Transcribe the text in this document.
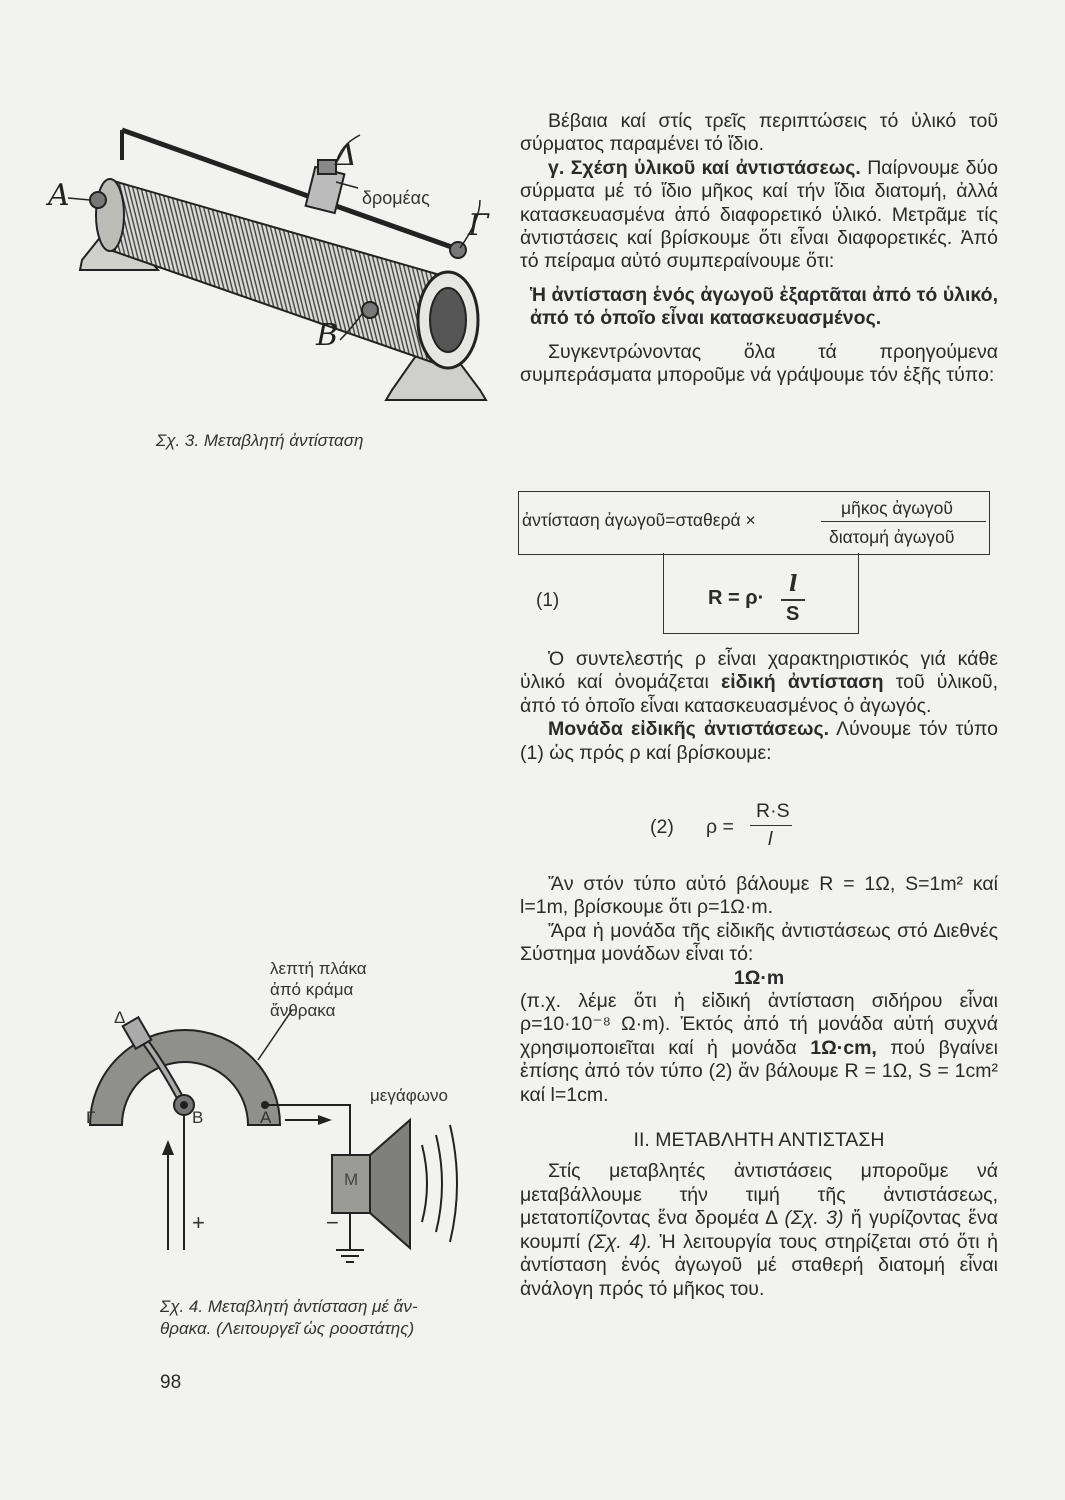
A
Δ
δρομέας
Γ
B
Σχ. 3. Μεταβλητή ἀντίσταση
Δ
Γ	B	A
M
+	−
λεπτή πλάκα
ἀπό κράμα
ἄνθρακα
μεγάφωνο
Σχ. 4. Μεταβλητή ἀντίσταση μέ ἄν-
θρακα. (Λειτουργεῖ ὡς ροοστάτης)
98

Βέβαια καί στίς τρεῖς περιπτώσεις τό ὑλικό τοῦ σύρματος παραμένει τό ἴδιο.

γ. Σχέση ὑλικοῦ καί ἀντιστάσεως. Παίρνουμε δύο σύρματα μέ τό ἴδιο μῆκος καί τήν ἴδια διατομή, ἀλλά κατασκευασμένα ἀπό διαφορετικό ὑλικό. Μετρᾶμε τίς ἀντιστάσεις καί βρίσκουμε ὅτι εἶναι διαφορετικές. Ἀπό τό πείραμα αὐτό συμπεραίνουμε ὅτι:

Ἡ ἀντίσταση ἑνός ἀγωγοῦ ἐξαρτᾶται ἀπό τό ὑλικό, ἀπό τό ὁποῖο εἶναι κατασκευασμένος.

Συγκεντρώνοντας ὅλα τά προηγούμενα συμπεράσματα μποροῦμε νά γράψουμε τόν ἑξῆς τύπο:

ἀντίσταση ἀγωγοῦ=σταθερά ×
μῆκος ἀγωγοῦ
διατομή ἀγωγοῦ
(1)	R = ρ·
l
S

Ὁ συντελεστής ρ εἶναι χαρακτηριστικός γιά κάθε ὑλικό καί ὀνομάζεται εἰδική ἀντίσταση τοῦ ὑλικοῦ, ἀπό τό ὁποῖο εἶναι κατασκευασμένος ὁ ἀγωγός.

Μονάδα εἰδικῆς ἀντιστάσεως. Λύνουμε τόν τύπο (1) ὡς πρός ρ καί βρίσκουμε:

(2) ρ =
R·S
l

Ἄν στόν τύπο αὐτό βάλουμε R = 1Ω, S=1m² καί l=1m, βρίσκουμε ὅτι ρ=1Ω·m.

Ἄρα ἡ μονάδα τῆς εἰδικῆς ἀντιστάσεως στό Διεθνές Σύστημα μονάδων εἶναι τό:

1Ω·m

(π.χ. λέμε ὅτι ἡ εἰδική ἀντίσταση σιδήρου εἶναι ρ=10·10⁻⁸ Ω·m). Ἐκτός ἀπό τή μονάδα αὐτή συχνά χρησιμοποιεῖται καί ἡ μονάδα 1Ω·cm, πού βγαίνει ἐπίσης ἀπό τόν τύπο (2) ἄν βάλουμε R = 1Ω, S = 1cm² καί l=1cm.

II. ΜΕΤΑΒΛΗΤΗ ΑΝΤΙΣΤΑΣΗ

Στίς μεταβλητές ἀντιστάσεις μποροῦμε νά μεταβάλλουμε τήν τιμή τῆς ἀντιστάσεως, μετατοπίζοντας ἕνα δρομέα Δ (Σχ. 3) ἤ γυρίζοντας ἕνα κουμπί (Σχ. 4). Ἡ λειτουργία τους στηρίζεται στό ὅτι ἡ ἀντίσταση ἑνός ἀγωγοῦ μέ σταθερή διατομή εἶναι ἀνάλογη πρός τό μῆκος του.
